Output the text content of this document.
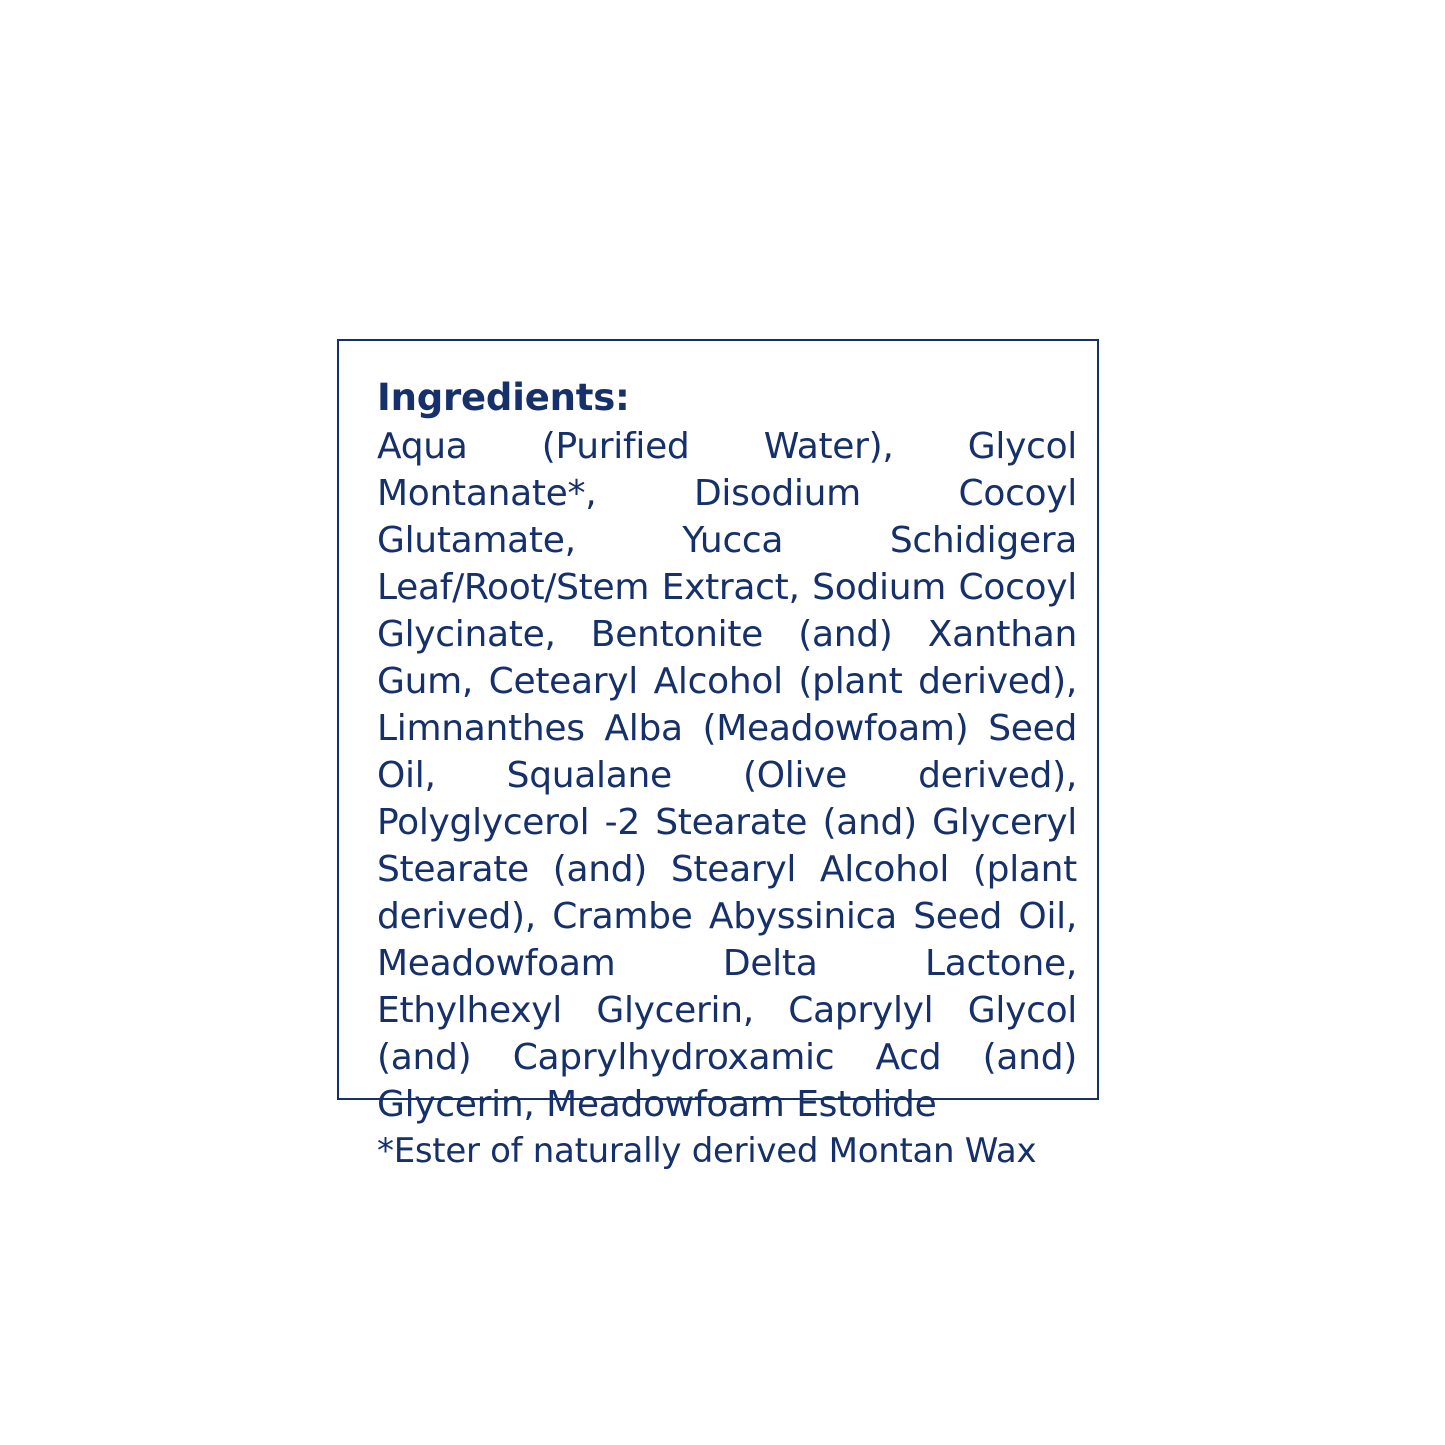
Ingredients:
Aqua (Purified Water), Glycol Montanate*, Disodium Cocoyl Glutamate, Yucca Schidigera Leaf/Root/Stem Extract, Sodium Cocoyl Glycinate, Bentonite (and) Xanthan Gum, Cetearyl Alcohol (plant derived), Limnanthes Alba (Meadowfoam) Seed Oil, Squalane (Olive derived), Polyglycerol -2 Stearate (and) Glyceryl Stearate (and) Stearyl Alcohol (plant derived), Crambe Abyssinica Seed Oil, Meadowfoam Delta Lactone, Ethylhexyl Glycerin, Caprylyl Glycol (and) Caprylhydroxamic Acd (and) Glycerin, Meadowfoam Estolide
*Ester of naturally derived Montan Wax
